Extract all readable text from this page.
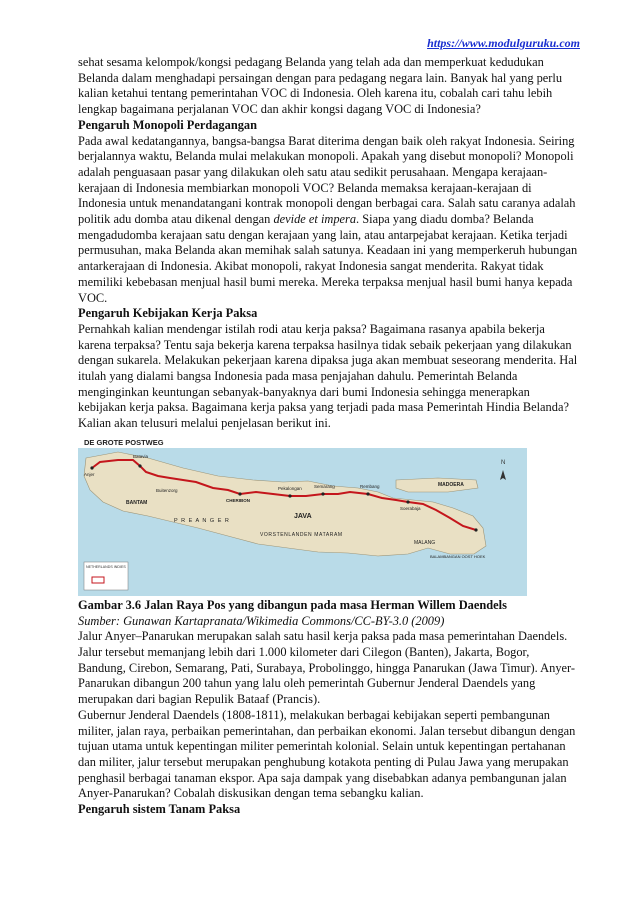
https://www.modulguruku.com

sehat sesama kelompok/kongsi pedagang Belanda yang telah ada dan memperkuat kedudukan Belanda dalam menghadapi persaingan dengan para pedagang negara lain. Banyak hal yang perlu kalian ketahui tentang pemerintahan VOC di Indonesia. Oleh karena itu, cobalah cari tahu lebih lengkap bagaimana perjalanan VOC dan akhir kongsi dagang VOC di Indonesia?

Pengaruh Monopoli Perdagangan

Pada awal kedatangannya, bangsa-bangsa Barat diterima dengan baik oleh rakyat Indonesia. Seiring berjalannya waktu, Belanda mulai melakukan monopoli. Apakah yang disebut monopoli? Monopoli adalah penguasaan pasar yang dilakukan oleh satu atau sedikit perusahaan. Mengapa kerajaan-kerajaan di Indonesia membiarkan monopoli VOC? Belanda memaksa kerajaan-kerajaan di Indonesia untuk menandatangani kontrak monopoli dengan berbagai cara. Salah satu caranya adalah politik adu domba atau dikenal dengan devide et impera. Siapa yang diadu domba? Belanda mengadudomba kerajaan satu dengan kerajaan yang lain, atau antarpejabat kerajaan. Ketika terjadi permusuhan, maka Belanda akan memihak salah satunya. Keadaan ini yang memperkeruh hubungan antarkerajaan di Indonesia. Akibat monopoli, rakyat Indonesia sangat menderita. Rakyat tidak memiliki kebebasan menjual hasil bumi mereka. Mereka terpaksa menjual hasil bumi hanya kepada VOC.

Pengaruh Kebijakan Kerja Paksa

Pernahkah kalian mendengar istilah rodi atau kerja paksa? Bagaimana rasanya apabila bekerja karena terpaksa? Tentu saja bekerja karena terpaksa hasilnya tidak sebaik pekerjaan yang dilakukan dengan sukarela. Melakukan pekerjaan karena dipaksa juga akan membuat seseorang menderita. Hal itulah yang dialami bangsa Indonesia pada masa penjajahan dahulu. Pemerintah Belanda menginginkan keuntungan sebanyak-banyaknya dari bumi Indonesia sehingga menerapkan kebijakan kerja paksa. Bagaimana kerja paksa yang terjadi pada masa Pemerintah Hindia Belanda? Kalian akan telusuri melalui penjelasan berikut ini.

DE GROTE POSTWEG
NETHERLANDS INDIES
N
Anjer
Batavia
BANTAM
Buitenzorg
P R E A N G E R
CHERIBON
Pekalongan	Semarang	Rembang
JAVA
VORSTENLANDEN MATARAM
Soerabaja
MADOERA
MALANG
BALAMBANGAN OOST HOEK

Gambar 3.6 Jalan Raya Pos yang dibangun pada masa Herman Willem Daendels

Sumber: Gunawan Kartapranata/Wikimedia Commons/CC-BY-3.0 (2009)

Jalur Anyer–Panarukan merupakan salah satu hasil kerja paksa pada masa pemerintahan Daendels. Jalur tersebut memanjang lebih dari 1.000 kilometer dari Cilegon (Banten), Jakarta, Bogor, Bandung, Cirebon, Semarang, Pati, Surabaya, Probolinggo, hingga Panarukan (Jawa Timur). Anyer-Panarukan dibangun 200 tahun yang lalu oleh pemerintah Gubernur Jenderal Daendels yang merupakan dari bagian Repulik Bataaf (Prancis).

Gubernur Jenderal Daendels (1808-1811), melakukan berbagai kebijakan seperti pembangunan militer, jalan raya, perbaikan pemerintahan, dan perbaikan ekonomi. Jalan tersebut dibangun dengan tujuan utama untuk kepentingan militer pemerintah kolonial. Selain untuk kepentingan pertahanan dan militer, jalur tersebut merupakan penghubung kotakota penting di Pulau Jawa yang merupakan penghasil berbagai tanaman ekspor. Apa saja dampak yang disebabkan adanya pembangunan jalan Anyer-Panarukan? Cobalah diskusikan dengan tema sebangku kalian.

Pengaruh sistem Tanam Paksa
